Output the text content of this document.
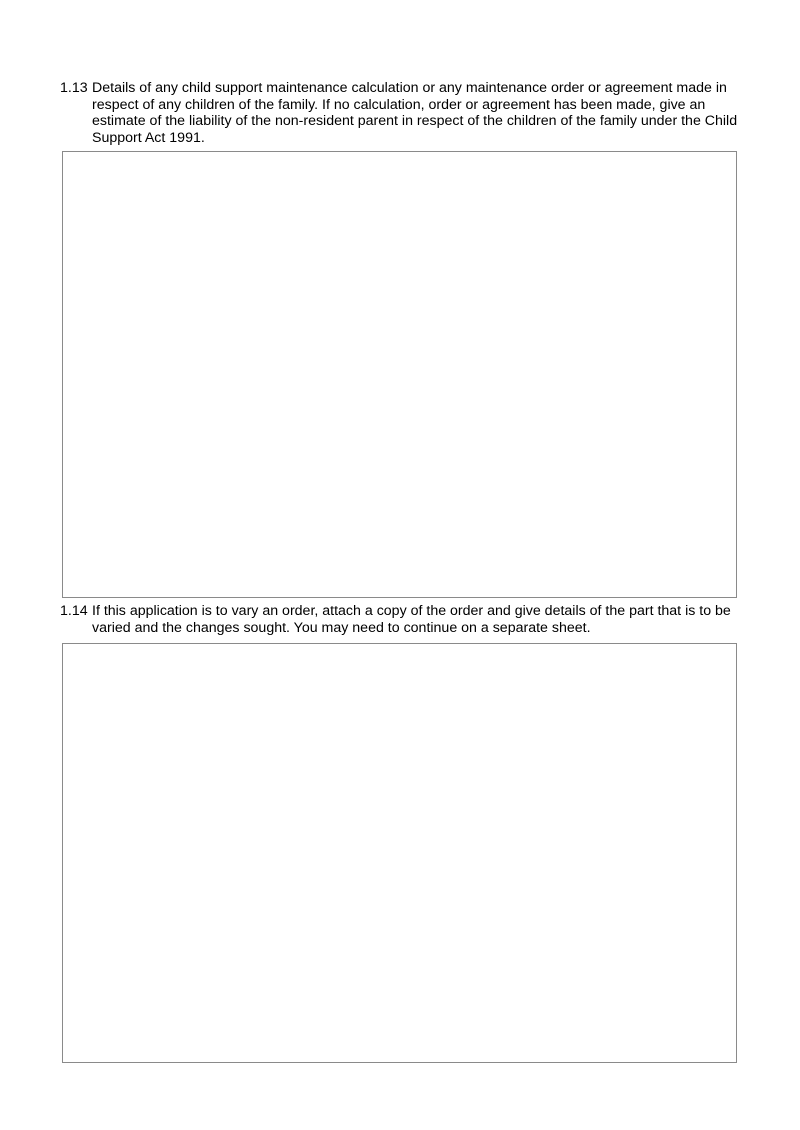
1.13 Details of any child support maintenance calculation or any maintenance order or agreement made in respect of any children of the family. If no calculation, order or agreement has been made, give an estimate of the liability of the non-resident parent in respect of the children of the family under the Child Support Act 1991.
1.14 If this application is to vary an order, attach a copy of the order and give details of the part that is to be varied and the changes sought. You may need to continue on a separate sheet.
